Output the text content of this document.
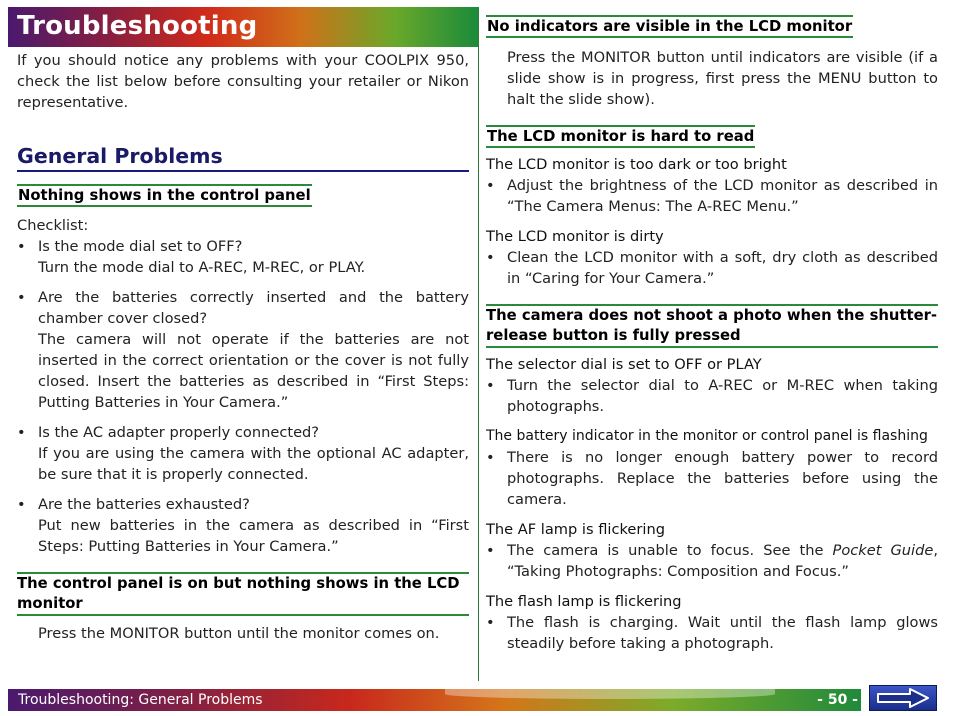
Troubleshooting

If you should notice any problems with your COOLPIX 950, check the list below before consulting your retailer or Nikon representative.

General Problems
Nothing shows in the control panel

Checklist:

• Is the mode dial set to OFF?

Turn the mode dial to A-REC, M-REC, or PLAY.

• Are the batteries correctly inserted and the battery chamber cover closed?

The camera will not operate if the batteries are not inserted in the correct orientation or the cover is not fully closed. Insert the batteries as described in “First Steps: Putting Batteries in Your Camera.”

• Is the AC adapter properly connected?

If you are using the camera with the optional AC adapter, be sure that it is properly connected.

• Are the batteries exhausted?

Put new batteries in the camera as described in “First Steps: Putting Batteries in Your Camera.”

The control panel is on but nothing shows in the LCD monitor

Press the MONITOR button until the monitor comes on.

No indicators are visible in the LCD monitor

Press the MONITOR button until indicators are visible (if a slide show is in progress, first press the MENU button to halt the slide show).

The LCD monitor is hard to read

The LCD monitor is too dark or too bright

• Adjust the brightness of the LCD monitor as described in “The Camera Menus: The A-REC Menu.”

The LCD monitor is dirty

• Clean the LCD monitor with a soft, dry cloth as described in “Caring for Your Camera.”

The camera does not shoot a photo when the shutter-release button is fully pressed

The selector dial is set to OFF or PLAY

• Turn the selector dial to A-REC or M-REC when taking photographs.

The battery indicator in the monitor or control panel is flashing

• There is no longer enough battery power to record photographs. Replace the batteries before using the camera.

The AF lamp is flickering

• The camera is unable to focus. See the Pocket Guide, “Taking Photographs: Composition and Focus.”

The flash lamp is flickering

• The flash is charging. Wait until the flash lamp glows steadily before taking a photograph.

Troubleshooting: General Problems	- 50 -
